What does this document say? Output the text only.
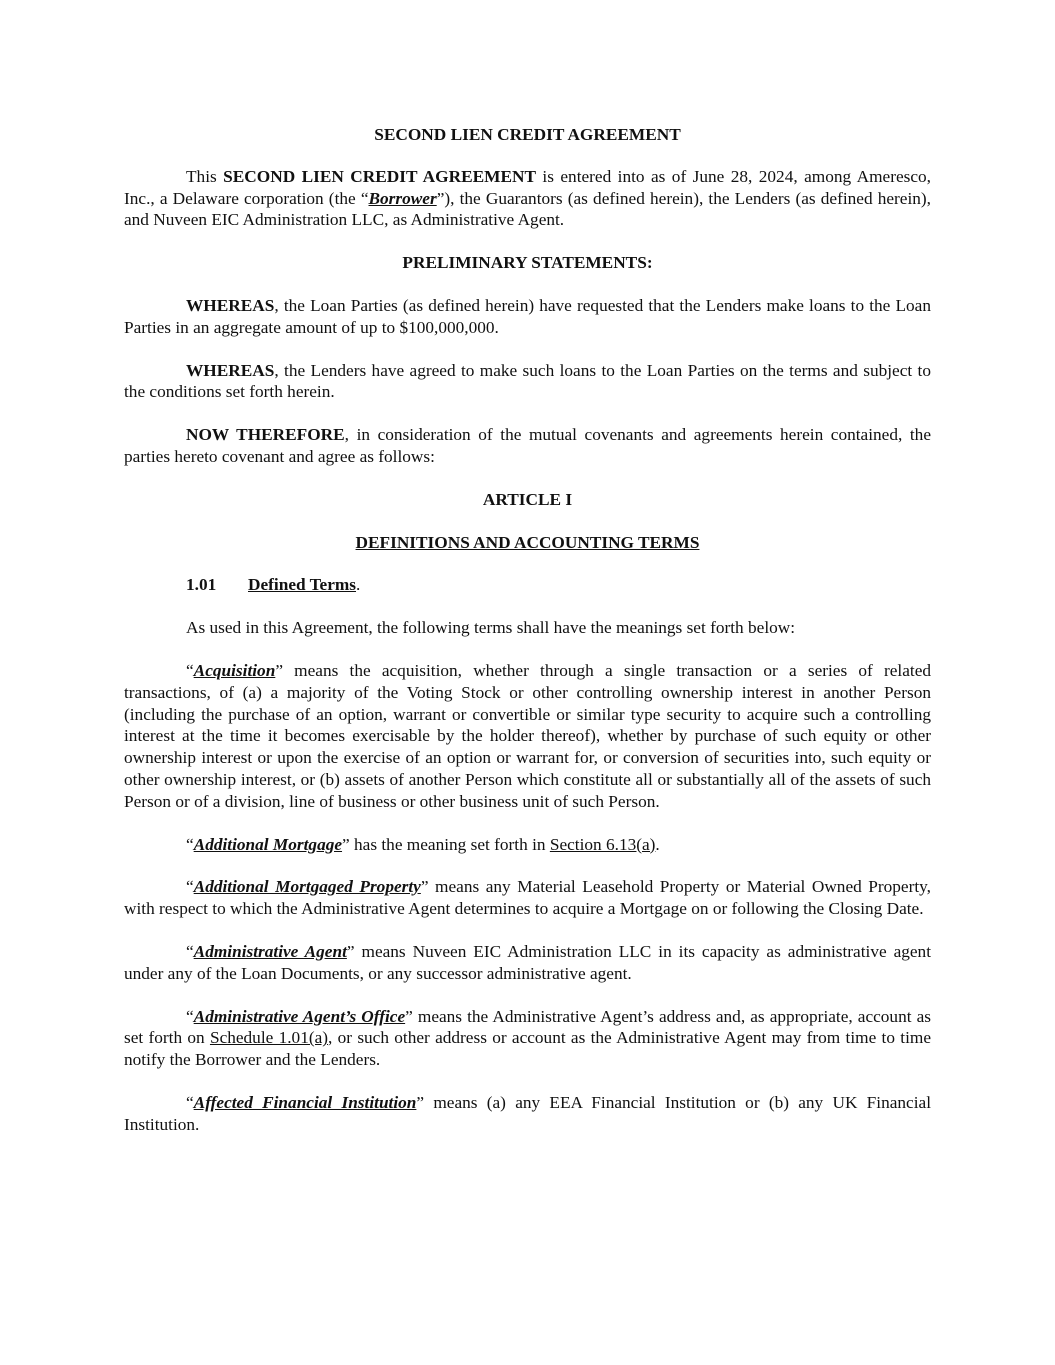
SECOND LIEN CREDIT AGREEMENT

This SECOND LIEN CREDIT AGREEMENT is entered into as of June 28, 2024, among Ameresco, Inc., a Delaware corporation (the “Borrower”), the Guarantors (as defined herein), the Lenders (as defined herein), and Nuveen EIC Administration LLC, as Administrative Agent.

PRELIMINARY STATEMENTS:

WHEREAS, the Loan Parties (as defined herein) have requested that the Lenders make loans to the Loan Parties in an aggregate amount of up to $100,000,000.

WHEREAS, the Lenders have agreed to make such loans to the Loan Parties on the terms and subject to the conditions set forth herein.

NOW THEREFORE, in consideration of the mutual covenants and agreements herein contained, the parties hereto covenant and agree as follows:

ARTICLE I

DEFINITIONS AND ACCOUNTING TERMS

1.01 Defined Terms.

As used in this Agreement, the following terms shall have the meanings set forth below:

“Acquisition” means the acquisition, whether through a single transaction or a series of related transactions, of (a) a majority of the Voting Stock or other controlling ownership interest in another Person (including the purchase of an option, warrant or convertible or similar type security to acquire such a controlling interest at the time it becomes exercisable by the holder thereof), whether by purchase of such equity or other ownership interest or upon the exercise of an option or warrant for, or conversion of securities into, such equity or other ownership interest, or (b) assets of another Person which constitute all or substantially all of the assets of such Person or of a division, line of business or other business unit of such Person.

“Additional Mortgage” has the meaning set forth in Section 6.13(a).

“Additional Mortgaged Property” means any Material Leasehold Property or Material Owned Property, with respect to which the Administrative Agent determines to acquire a Mortgage on or following the Closing Date.

“Administrative Agent” means Nuveen EIC Administration LLC in its capacity as administrative agent under any of the Loan Documents, or any successor administrative agent.

“Administrative Agent’s Office” means the Administrative Agent’s address and, as appropriate, account as set forth on Schedule 1.01(a), or such other address or account as the Administrative Agent may from time to time notify the Borrower and the Lenders.

“Affected Financial Institution” means (a) any EEA Financial Institution or (b) any UK Financial Institution.
